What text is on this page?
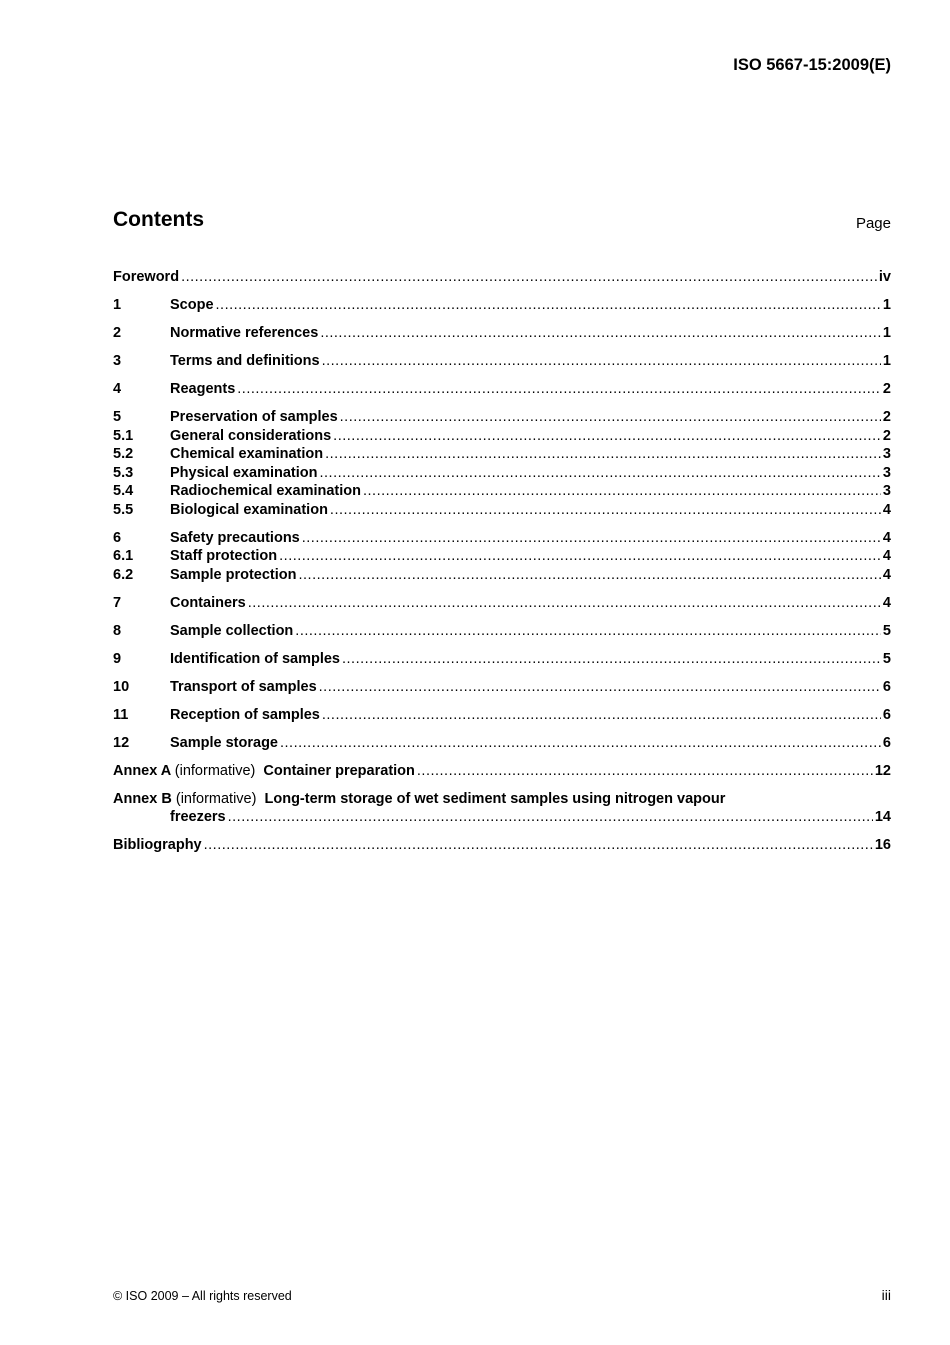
ISO 5667-15:2009(E)
Contents	Page
Foreword .....	iv
1	Scope .....	1
2	Normative references .....	1
3	Terms and definitions .....	1
4	Reagents .....	2
5	Preservation of samples .....	2
5.1	General considerations .....	2
5.2	Chemical examination .....	3
5.3	Physical examination .....	3
5.4	Radiochemical examination .....	3
5.5	Biological examination .....	4
6	Safety precautions .....	4
6.1	Staff protection .....	4
6.2	Sample protection .....	4
7	Containers .....	4
8	Sample collection .....	5
9	Identification of samples .....	5
10	Transport of samples .....	6
11	Reception of samples .....	6
12	Sample storage .....	6
Annex A (informative) Container preparation .....	12
Annex B (informative) Long-term storage of wet sediment samples using nitrogen vapour
freezers .....	14
Bibliography .....	16
© ISO 2009 – All rights reserved	iii
